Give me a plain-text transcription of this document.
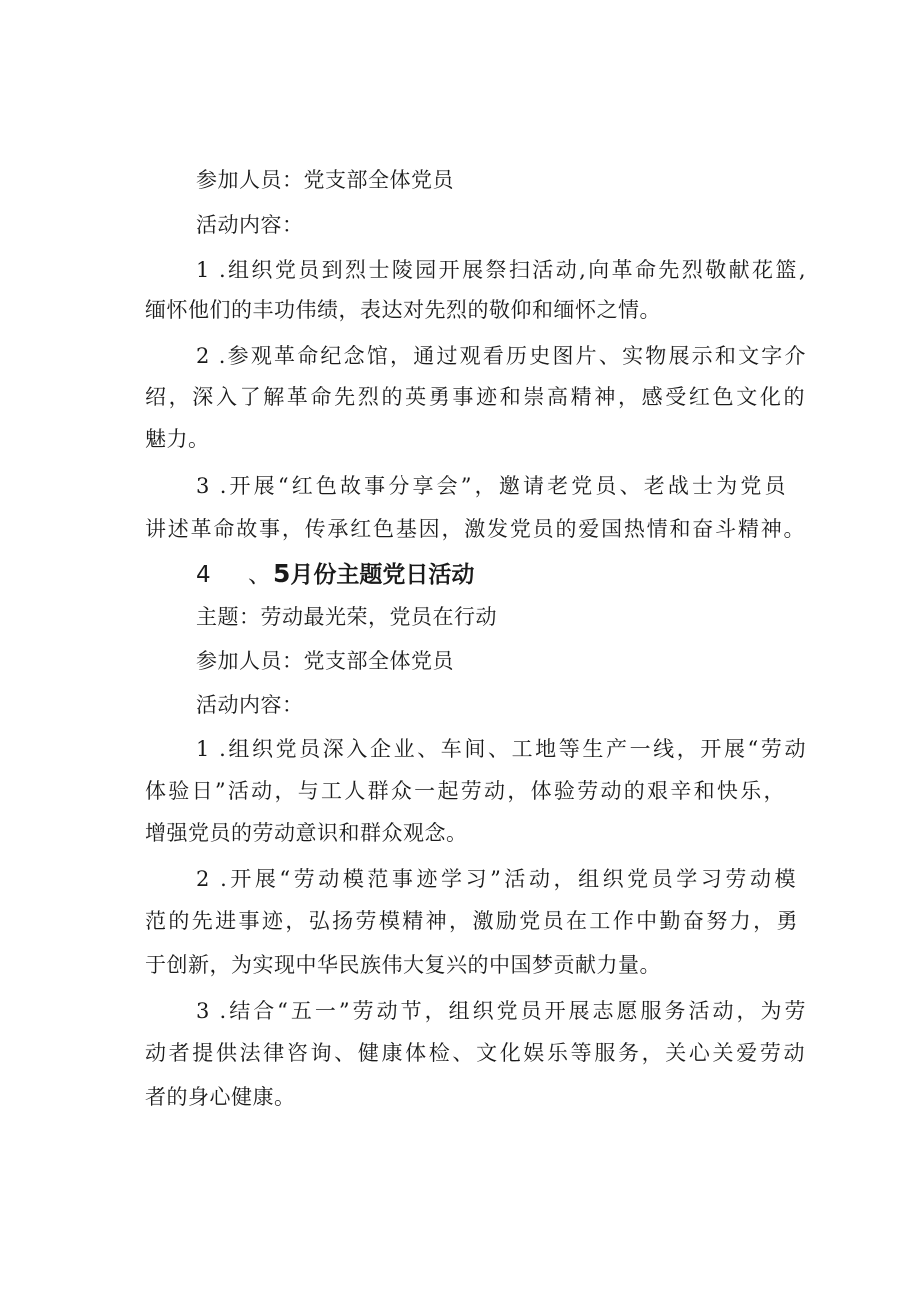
参加人员：党支部全体党员
活动内容：
1 .组织党员到烈士陵园开展祭扫活动,向革命先烈敬献花篮,
缅怀他们的丰功伟绩，表达对先烈的敬仰和缅怀之情。
2 .参观革命纪念馆，通过观看历史图片、实物展示和文字介
绍，深入了解革命先烈的英勇事迹和崇高精神，感受红色文化的
魅力。
3 .开展“红色故事分享会”，邀请老党员、老战士为党员
讲述革命故事，传承红色基因，激发党员的爱国热情和奋斗精神。
4 、5月份主题党日活动
主题：劳动最光荣，党员在行动
参加人员：党支部全体党员
活动内容：
1 .组织党员深入企业、车间、工地等生产一线，开展“劳动
体验日”活动，与工人群众一起劳动，体验劳动的艰辛和快乐，
增强党员的劳动意识和群众观念。
2 .开展“劳动模范事迹学习”活动，组织党员学习劳动模
范的先进事迹，弘扬劳模精神，激励党员在工作中勤奋努力，勇
于创新，为实现中华民族伟大复兴的中国梦贡献力量。
3 .结合“五一”劳动节，组织党员开展志愿服务活动，为劳
动者提供法律咨询、健康体检、文化娱乐等服务，关心关爱劳动
者的身心健康。
